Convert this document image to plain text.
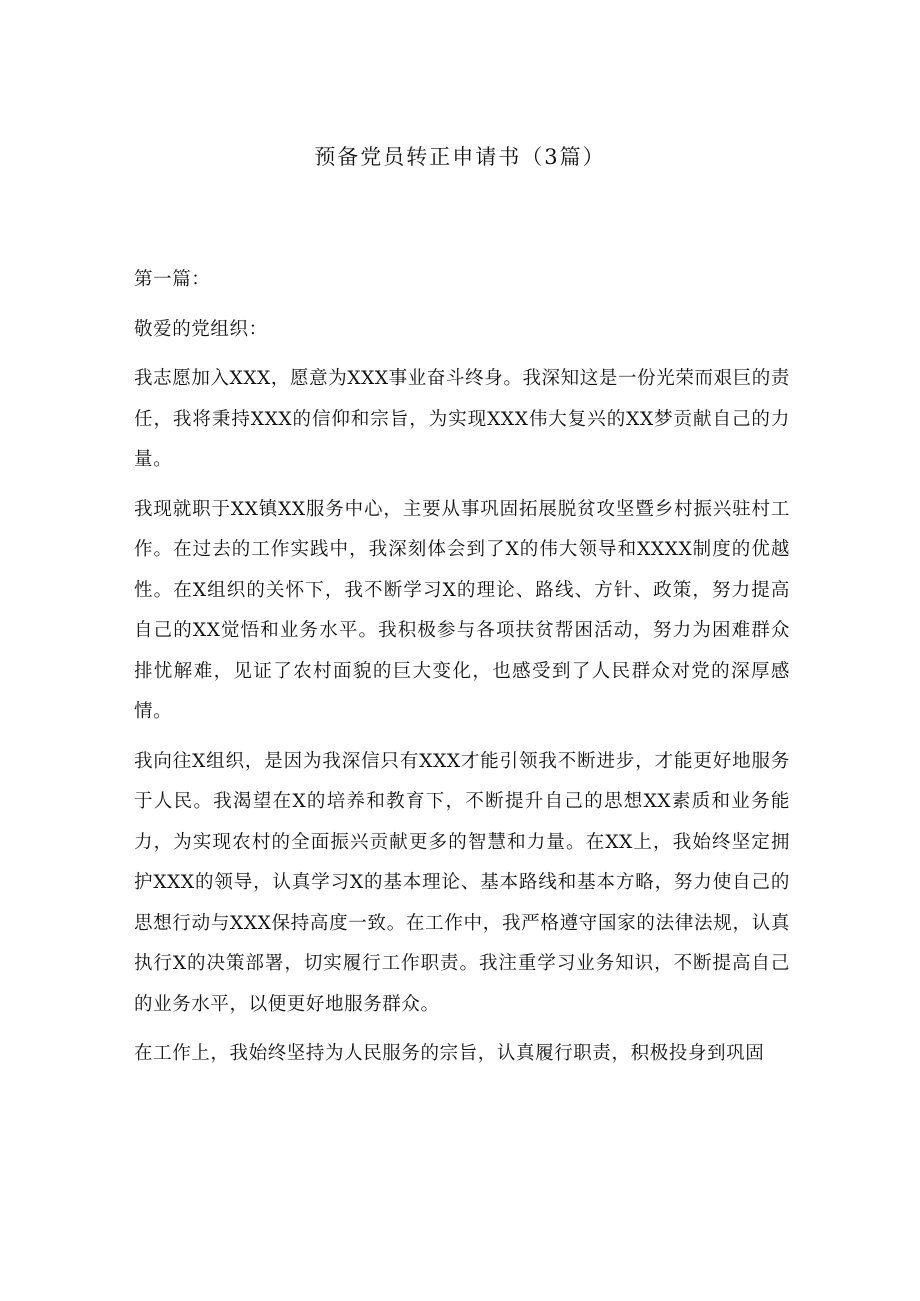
预备党员转正申请书（3篇）

第一篇：

敬爱的党组织：

我志愿加入XXX，愿意为XXX事业奋斗终身。我深知这是一份光荣而艰巨的责任，我将秉持XXX的信仰和宗旨，为实现XXX伟大复兴的XX梦贡献自己的力量。

我现就职于XX镇XX服务中心，主要从事巩固拓展脱贫攻坚暨乡村振兴驻村工作。在过去的工作实践中，我深刻体会到了X的伟大领导和XXXX制度的优越性。在X组织的关怀下，我不断学习X的理论、路线、方针、政策，努力提高自己的XX觉悟和业务水平。我积极参与各项扶贫帮困活动，努力为困难群众排忧解难，见证了农村面貌的巨大变化，也感受到了人民群众对党的深厚感情。

我向往X组织，是因为我深信只有XXX才能引领我不断进步，才能更好地服务于人民。我渴望在X的培养和教育下，不断提升自己的思想XX素质和业务能力，为实现农村的全面振兴贡献更多的智慧和力量。在XX上，我始终坚定拥护XXX的领导，认真学习X的基本理论、基本路线和基本方略，努力使自己的思想行动与XXX保持高度一致。在工作中，我严格遵守国家的法律法规，认真执行X的决策部署，切实履行工作职责。我注重学习业务知识，不断提高自己的业务水平，以便更好地服务群众。

在工作上，我始终坚持为人民服务的宗旨，认真履行职责，积极投身到巩固
